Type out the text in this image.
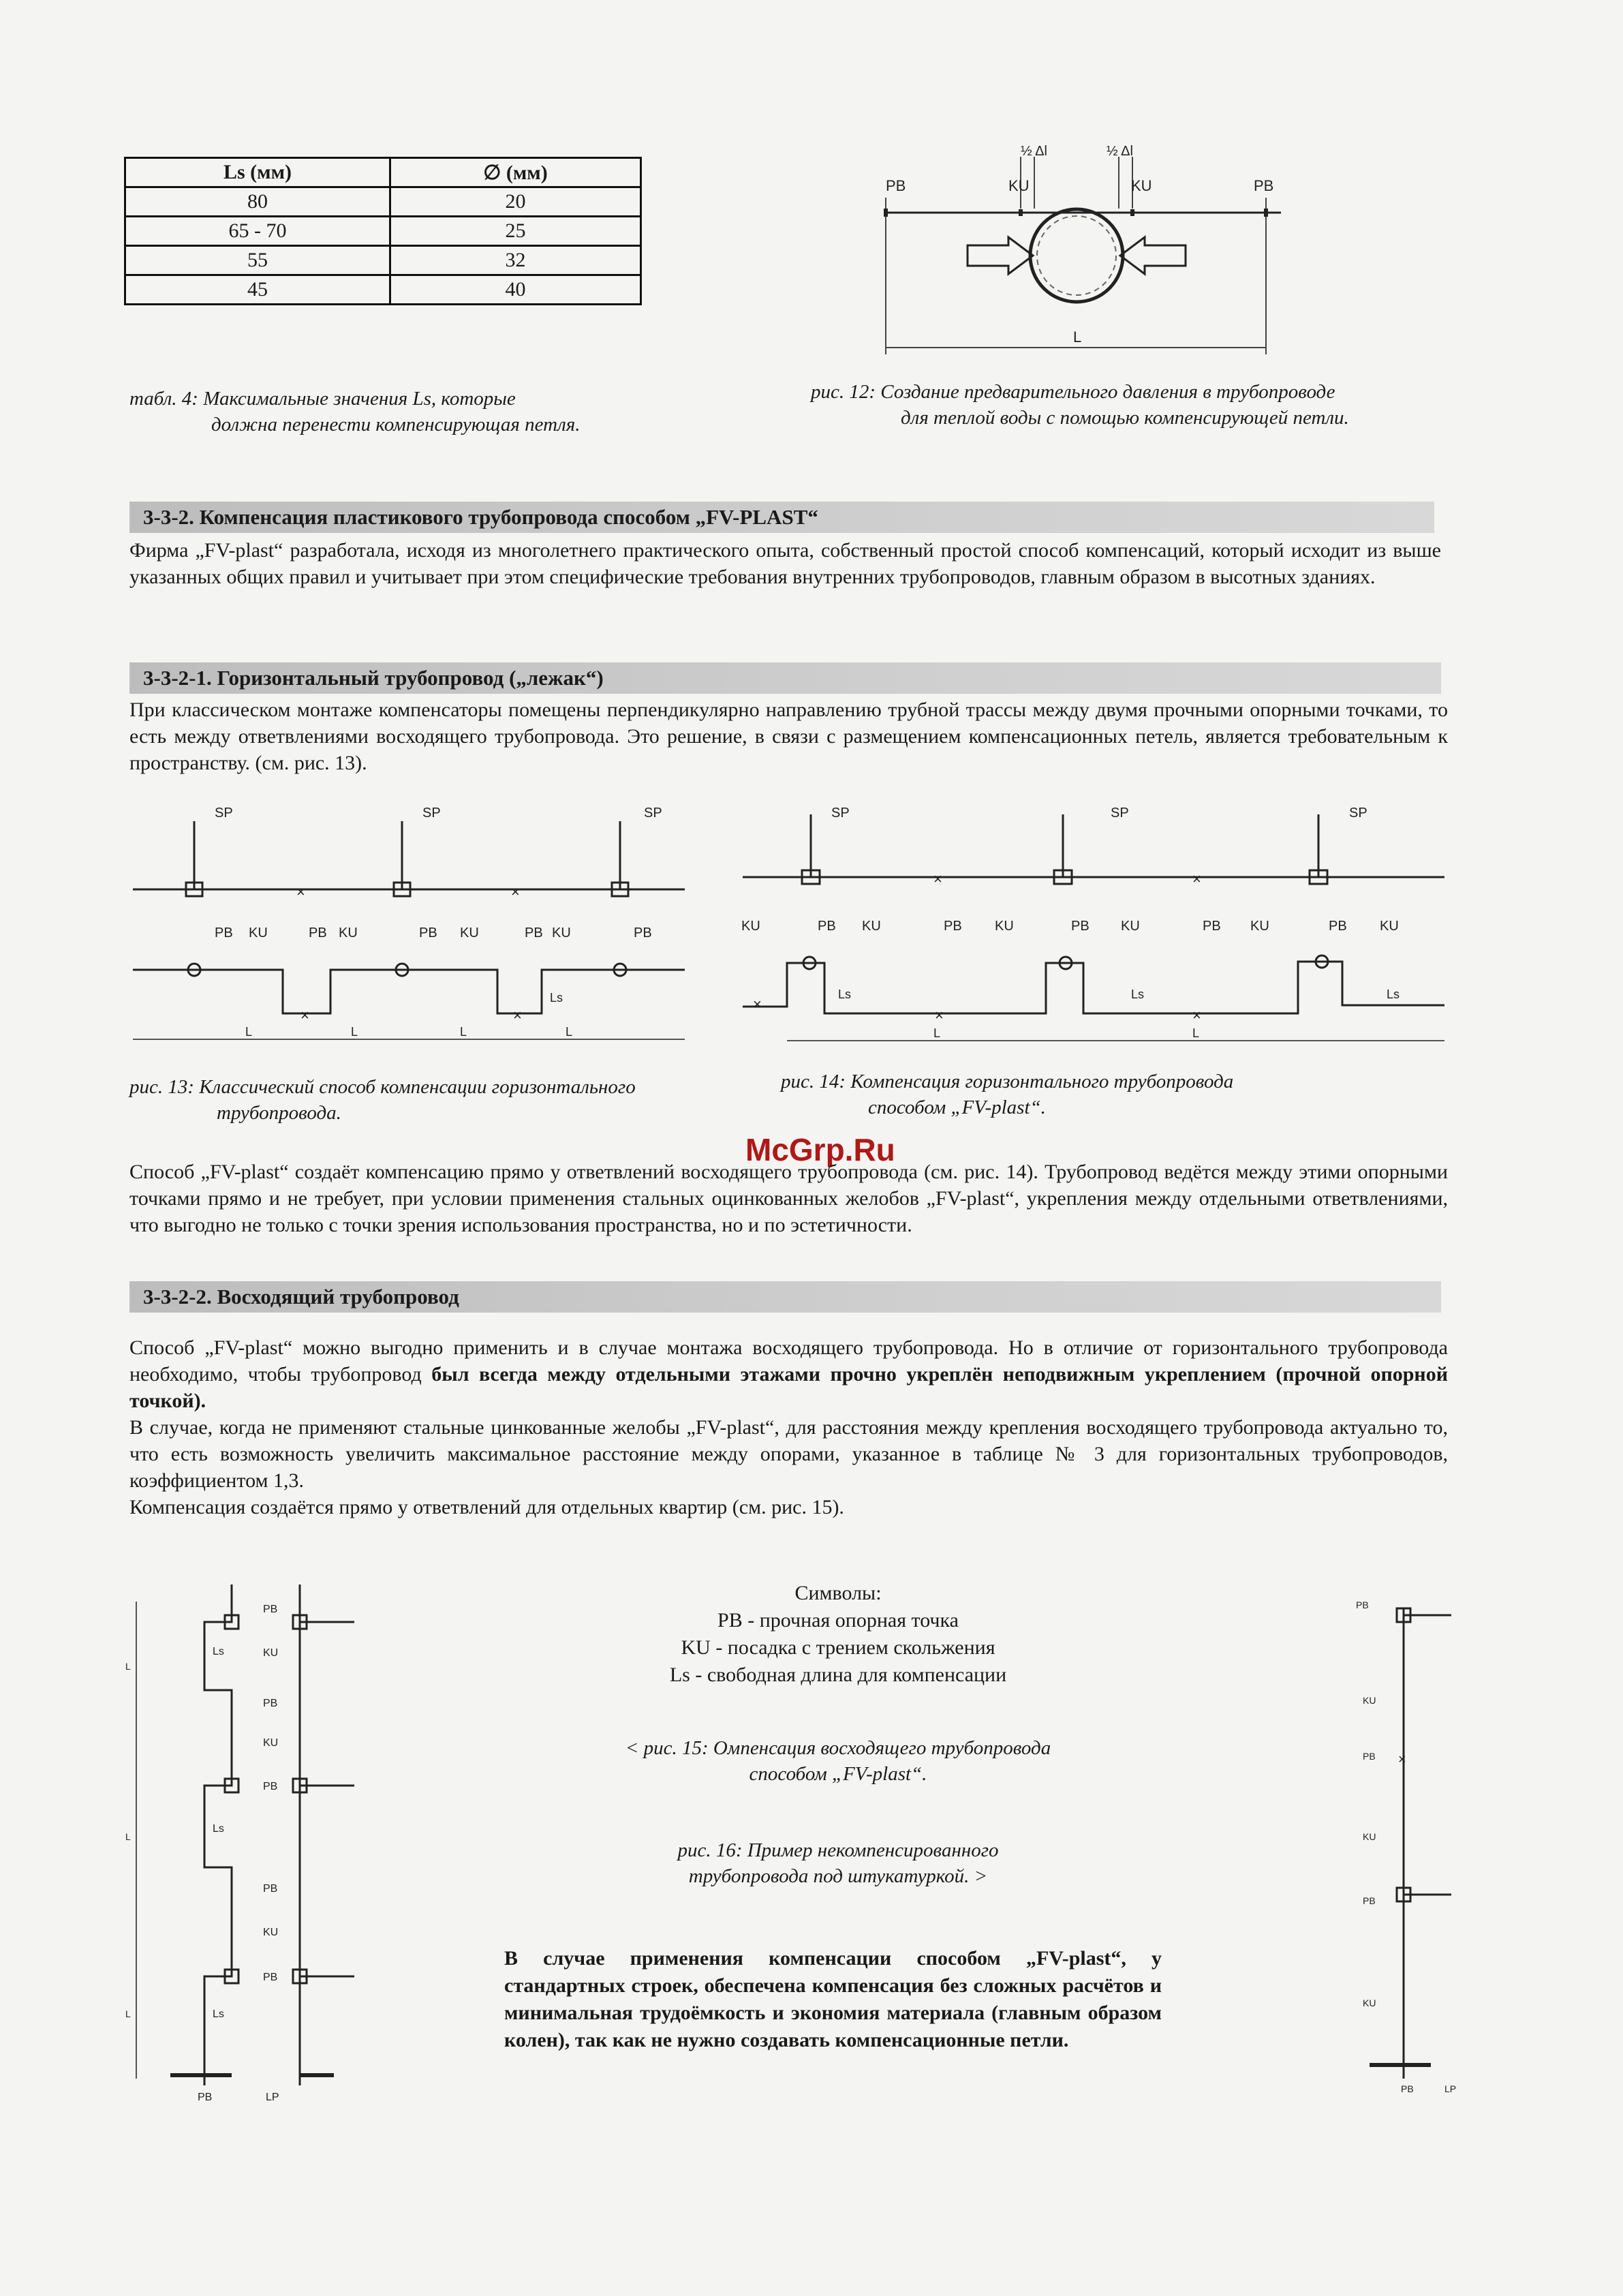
Ls (мм)	∅ (мм)
80	20
65 - 70	25
55	32
45	40
табл. 4: Максимальные значения Ls, которые
должна перенести компенсирующая петля.
PB	KU	KU	PB
½ Δl	½ Δl
L
рис. 12: Создание предварительного давления в трубопроводе
для теплой воды с помощью компенсирующей петли.
3-3-2. Компенсация пластикового трубопровода способом „FV-PLAST“
Фирма „FV-plast“ разработала, исходя из многолетнего практического опыта, собственный простой способ компенсаций, который исходит из выше указанных общих правил и учитывает при этом специфические требования внутренних трубопроводов, главным образом в высотных зданиях.
3-3-2-1. Горизонтальный трубопровод („лежак“)
При классическом монтаже компенсаторы помещены перпендикулярно направлению трубной трассы между двумя прочными опорными точками, то есть между ответвлениями восходящего трубопровода. Это решение, в связи с размещением компенсационных петель, является требовательным к пространству. (см. рис. 13).
SP	SP	SP
×	×
PB KU	PB KU	PB KU	PB KU	PB
×	×
Ls
L	L	L	L
рис. 13: Классический способ компенсации горизонтального
трубопровода.
SP	SP	SP
×	×
KU	PB KU	PB KU	PB KU	PB KU	PB KU
×	×
×
Ls	Ls	Ls
L	L
рис. 14: Компенсация горизонтального трубопровода
способом „FV-plast“.
McGrp.Ru
Способ „FV-plast“ создаёт компенсацию прямо у ответвлений восходящего трубопровода (см. рис. 14). Трубопровод ведётся между этими опорными точками прямо и не требует, при условии применения стальных оцинкованных желобов „FV-plast“, укрепления между отдельными ответвлениями, что выгодно не только с точки зрения использования пространства, но и по эстетичности.
3-3-2-2. Восходящий трубопровод
Способ „FV-plast“ можно выгодно применить и в случае монтажа восходящего трубопровода. Но в отличие от горизонтального трубопровода необходимо, чтобы трубопровод был всегда между отдельными этажами прочно укреплён неподвижным укреплением (прочной опорной точкой).
В случае, когда не применяют стальные цинкованные желобы „FV-plast“, для расстояния между крепления восходящего трубопровода актуально то, что есть возможность увеличить максимальное расстояние между опорами, указанное в таблице № 3 для горизонтальных трубопроводов, коэффициентом 1,3.
Компенсация создаётся прямо у ответвлений для отдельных квартир (см. рис. 15).
PB
PB
PB
PB
PB
KU
KU
KU
Ls
Ls
Ls
L
L
L
PB	LP
Символы:
PB - прочная опорная точка
KU - посадка с трением скольжения
Ls - свободная длина для компенсации
< рис. 15: Омпенсация восходящего трубопровода
способом „FV-plast“.
рис. 16: Пример некомпенсированного
трубопровода под штукатуркой. >
В случае применения компенсации способом „FV-plast“, у стандартных строек, обеспечена компенсация без сложных расчётов и минимальная трудоёмкость и экономия материала (главным образом колен), так как не нужно создавать компенсационные петли.
×
PB
KU
PB
KU
PB
KU
PB	LP
